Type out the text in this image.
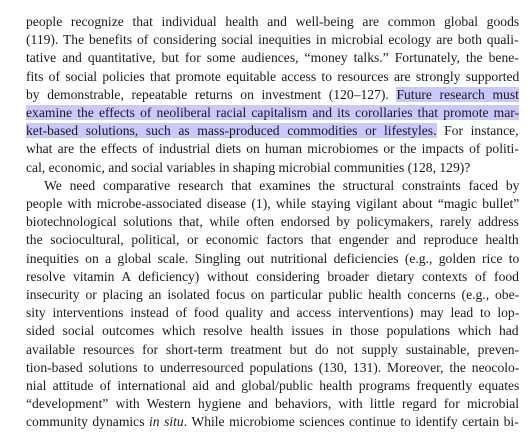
people recognize that individual health and well-being are common global goods
(119). The benefits of considering social inequities in microbial ecology are both quali-
tative and quantitative, but for some audiences, “money talks.” Fortunately, the bene-
fits of social policies that promote equitable access to resources are strongly supported
by demonstrable, repeatable returns on investment (120–127). Future research must
examine the effects of neoliberal racial capitalism and its corollaries that promote mar-
ket-based solutions, such as mass-produced commodities or lifestyles. For instance,
what are the effects of industrial diets on human microbiomes or the impacts of politi-
cal, economic, and social variables in shaping microbial communities (128, 129)?
We need comparative research that examines the structural constraints faced by
people with microbe-associated disease (1), while staying vigilant about “magic bullet”
biotechnological solutions that, while often endorsed by policymakers, rarely address
the sociocultural, political, or economic factors that engender and reproduce health
inequities on a global scale. Singling out nutritional deficiencies (e.g., golden rice to
resolve vitamin A deficiency) without considering broader dietary contexts of food
insecurity or placing an isolated focus on particular public health concerns (e.g., obe-
sity interventions instead of food quality and access interventions) may lead to lop-
sided social outcomes which resolve health issues in those populations which had
available resources for short-term treatment but do not supply sustainable, preven-
tion-based solutions to underresourced populations (130, 131). Moreover, the neocolo-
nial attitude of international aid and global/public health programs frequently equates
“development” with Western hygiene and behaviors, with little regard for microbial
community dynamics in situ. While microbiome sciences continue to identify certain bi-
